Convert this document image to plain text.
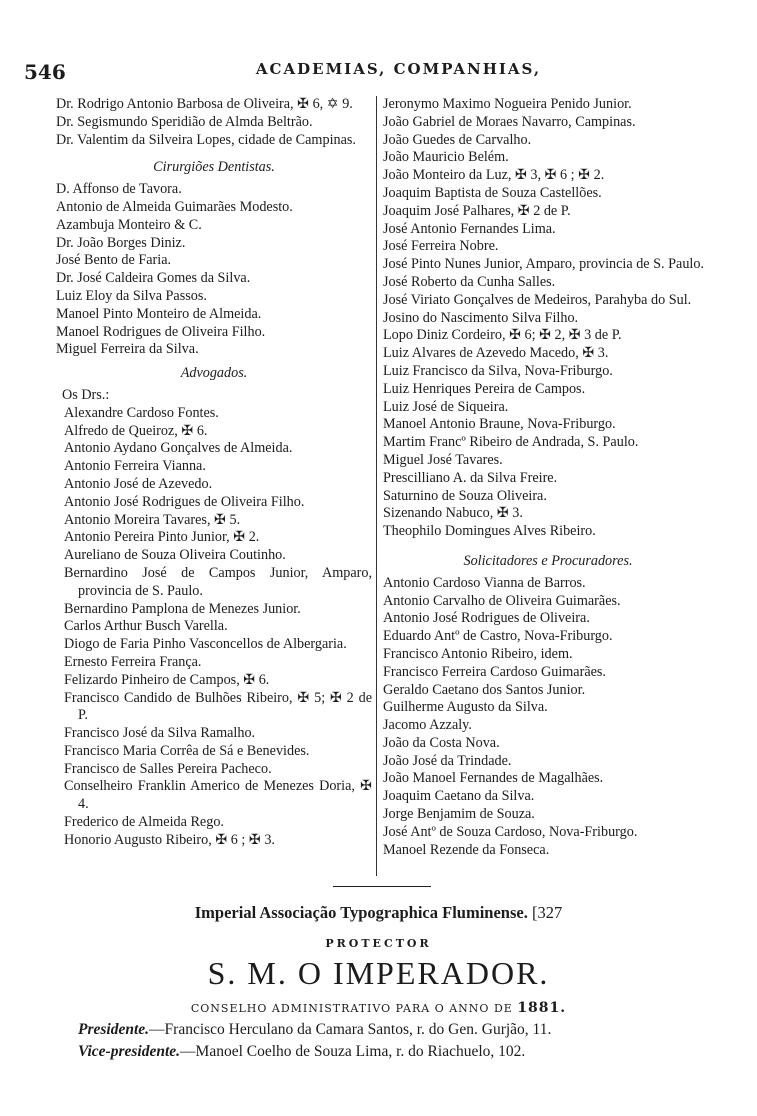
546	ACADEMIAS, COMPANHIAS,
Dr. Rodrigo Antonio Barbosa de Oliveira, ✠ 6, ✡ 9.
Dr. Segismundo Speridião de Almda Beltrão.
Dr. Valentim da Silveira Lopes, cidade de Campinas.
Cirurgiões Dentistas.
D. Affonso de Tavora.
Antonio de Almeida Guimarães Modesto.
Azambuja Monteiro & C.
Dr. João Borges Diniz.
José Bento de Faria.
Dr. José Caldeira Gomes da Silva.
Luiz Eloy da Silva Passos.
Manoel Pinto Monteiro de Almeida.
Manoel Rodrigues de Oliveira Filho.
Miguel Ferreira da Silva.
Advogados.
Os Drs.:
Alexandre Cardoso Fontes.
Alfredo de Queiroz, ✠ 6.
Antonio Aydano Gonçalves de Almeida.
Antonio Ferreira Vianna.
Antonio José de Azevedo.
Antonio José Rodrigues de Oliveira Filho.
Antonio Moreira Tavares, ✠ 5.
Antonio Pereira Pinto Junior, ✠ 2.
Aureliano de Souza Oliveira Coutinho.
Bernardino José de Campos Junior, Amparo, provincia de S. Paulo.
Bernardino Pamplona de Menezes Junior.
Carlos Arthur Busch Varella.
Diogo de Faria Pinho Vasconcellos de Albergaria.
Ernesto Ferreira França.
Felizardo Pinheiro de Campos, ✠ 6.
Francisco Candido de Bulhões Ribeiro, ✠ 5; ✠ 2 de P.
Francisco José da Silva Ramalho.
Francisco Maria Corrêa de Sá e Benevides.
Francisco de Salles Pereira Pacheco.
Conselheiro Franklin Americo de Menezes Doria, ✠ 4.
Frederico de Almeida Rego.
Honorio Augusto Ribeiro, ✠ 6 ; ✠ 3.
Jeronymo Maximo Nogueira Penido Junior.
João Gabriel de Moraes Navarro, Campinas.
João Guedes de Carvalho.
João Mauricio Belém.
João Monteiro da Luz, ✠ 3, ✠ 6 ; ✠ 2.
Joaquim Baptista de Souza Castellões.
Joaquim José Palhares, ✠ 2 de P.
José Antonio Fernandes Lima.
José Ferreira Nobre.
José Pinto Nunes Junior, Amparo, provincia de S. Paulo.
José Roberto da Cunha Salles.
José Viriato Gonçalves de Medeiros, Parahyba do Sul.
Josino do Nascimento Silva Filho.
Lopo Diniz Cordeiro, ✠ 6; ✠ 2, ✠ 3 de P.
Luiz Alvares de Azevedo Macedo, ✠ 3.
Luiz Francisco da Silva, Nova-Friburgo.
Luiz Henriques Pereira de Campos.
Luiz José de Siqueira.
Manoel Antonio Braune, Nova-Friburgo.
Martim Francº Ribeiro de Andrada, S. Paulo.
Miguel José Tavares.
Prescilliano A. da Silva Freire.
Saturnino de Souza Oliveira.
Sizenando Nabuco, ✠ 3.
Theophilo Domingues Alves Ribeiro.
Solicitadores e Procuradores.
Antonio Cardoso Vianna de Barros.
Antonio Carvalho de Oliveira Guimarães.
Antonio José Rodrigues de Oliveira.
Eduardo Antº de Castro, Nova-Friburgo.
Francisco Antonio Ribeiro, idem.
Francisco Ferreira Cardoso Guimarães.
Geraldo Caetano dos Santos Junior.
Guilherme Augusto da Silva.
Jacomo Azzaly.
João da Costa Nova.
João José da Trindade.
João Manoel Fernandes de Magalhães.
Joaquim Caetano da Silva.
Jorge Benjamim de Souza.
José Antº de Souza Cardoso, Nova-Friburgo.
Manoel Rezende da Fonseca.
Imperial Associação Typographica Fluminense. [327
PROTECTOR
S. M. O IMPERADOR.
CONSELHO ADMINISTRATIVO PARA O ANNO DE 1881.
Presidente.—Francisco Herculano da Camara Santos, r. do Gen. Gurjão, 11.
Vice-presidente.—Manoel Coelho de Souza Lima, r. do Riachuelo, 102.
